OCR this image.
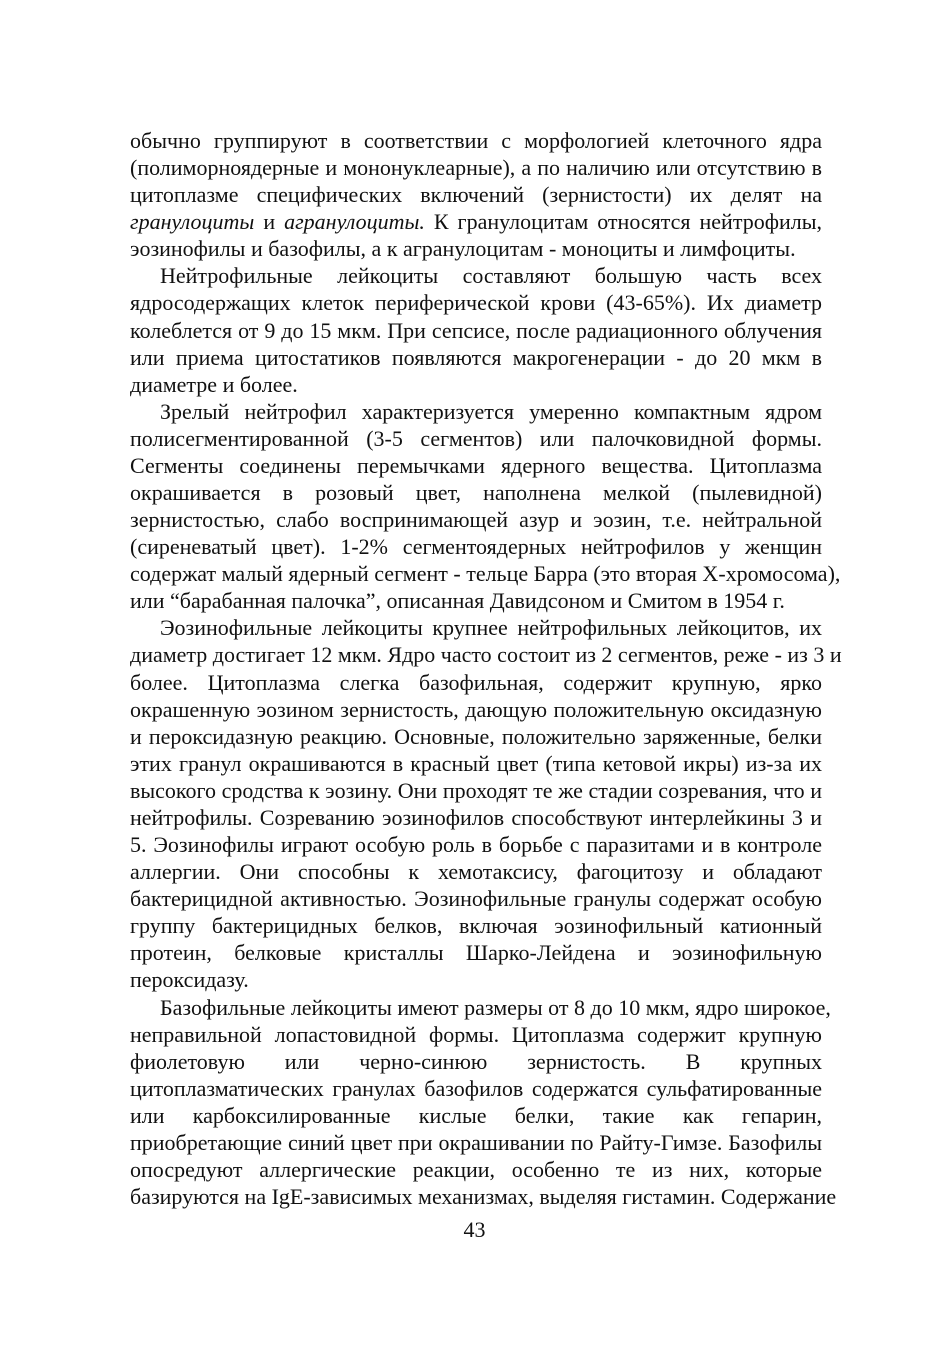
обычно группируют в соответствии с морфологией клеточного ядра
(полиморноядерные и мононуклеарные), а по наличию или отсутствию в
цитоплазме специфических включений (зернистости) их делят на
гранулоциты и агранулоциты. К гранулоцитам относятся нейтрофилы,
эозинофилы и базофилы, а к агранулоцитам - моноциты и лимфоциты.
Нейтрофильные лейкоциты составляют большую часть всех
ядросодержащих клеток периферической крови (43-65%). Их диаметр
колеблется от 9 до 15 мкм. При сепсисе, после радиационного облучения
или приема цитостатиков появляются макрогенерации - до 20 мкм в
диаметре и более.
Зрелый нейтрофил характеризуется умеренно компактным ядром
полисегментированной (3-5 сегментов) или палочковидной формы.
Сегменты соединены перемычками ядерного вещества. Цитоплазма
окрашивается в розовый цвет, наполнена мелкой (пылевидной)
зернистостью, слабо воспринимающей азур и эозин, т.е. нейтральной
(сиреневатый цвет). 1-2% сегментоядерных нейтрофилов у женщин
содержат малый ядерный сегмент - тельце Барра (это вторая Х-хромосома),
или “барабанная палочка”, описанная Давидсоном и Смитом в 1954 г.
Эозинофильные лейкоциты крупнее нейтрофильных лейкоцитов, их
диаметр достигает 12 мкм. Ядро часто состоит из 2 сегментов, реже - из 3 и
более. Цитоплазма слегка базофильная, содержит крупную, ярко
окрашенную эозином зернистость, дающую положительную оксидазную
и пероксидазную реакцию. Основные, положительно заряженные, белки
этих гранул окрашиваются в красный цвет (типа кетовой икры) из-за их
высокого сродства к эозину. Они проходят те же стадии созревания, что и
нейтрофилы. Созреванию эозинофилов способствуют интерлейкины 3 и
5. Эозинофилы играют особую роль в борьбе с паразитами и в контроле
аллергии. Они способны к хемотаксису, фагоцитозу и обладают
бактерицидной активностью. Эозинофильные гранулы содержат особую
группу бактерицидных белков, включая эозинофильный катионный
протеин, белковые кристаллы Шарко-Лейдена и эозинофильную
пероксидазу.
Базофильные лейкоциты имеют размеры от 8 до 10 мкм, ядро широкое,
неправильной лопастовидной формы. Цитоплазма содержит крупную
фиолетовую или черно-синюю зернистость. В крупных
цитоплазматических гранулах базофилов содержатся сульфатированные
или карбоксилированные кислые белки, такие как гепарин,
приобретающие синий цвет при окрашивании по Райту-Гимзе. Базофилы
опосредуют аллергические реакции, особенно те из них, которые
базируются на IgE-зависимых механизмах, выделяя гистамин. Содержание
43
